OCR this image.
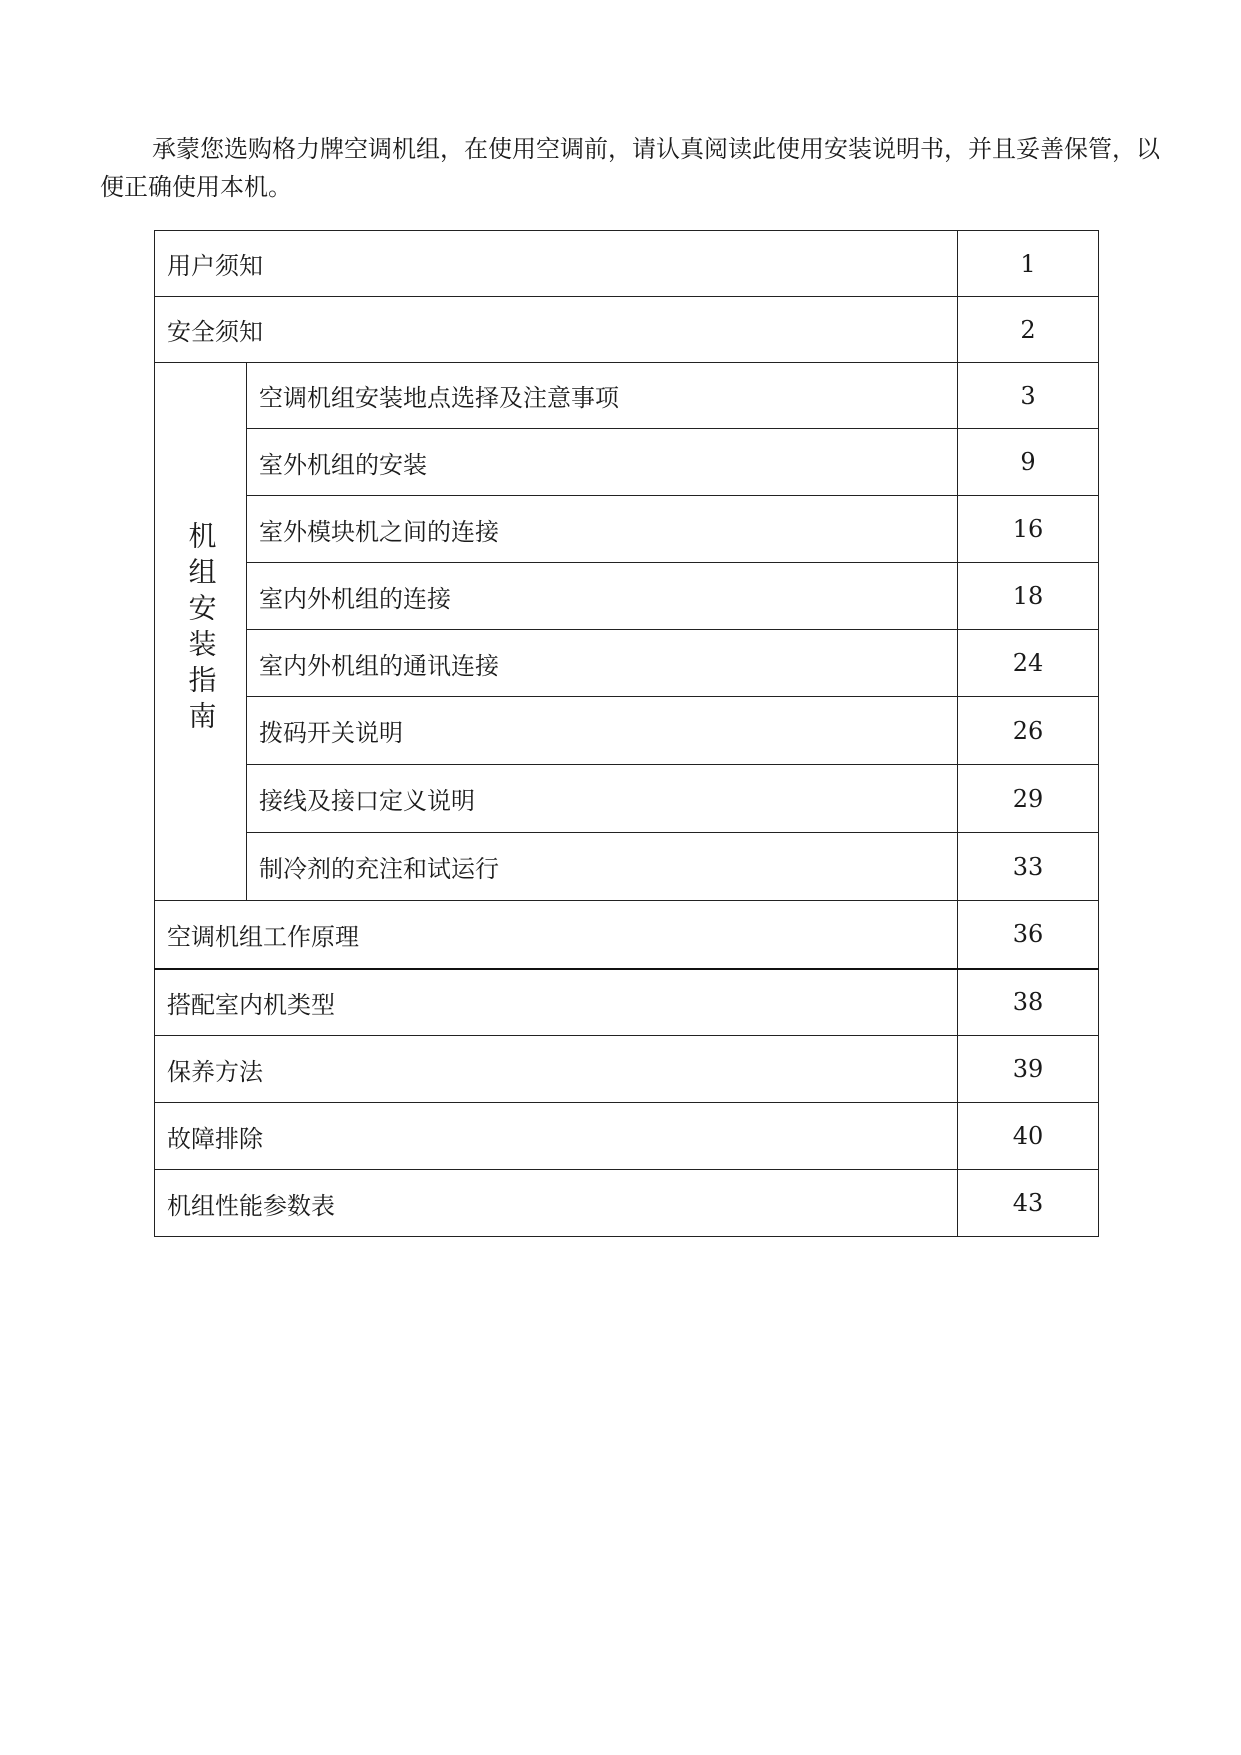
承蒙您选购格力牌空调机组，在使用空调前，请认真阅读此使用安装说明书，并且妥善保管，以便正确使用本机。

用户须知		1
安全须知		2
机组安装指南	空调机组安装地点选择及注意事项	3
	室外机组的安装	9
	室外模块机之间的连接	16
	室内外机组的连接	18
	室内外机组的通讯连接	24
	拨码开关说明	26
	接线及接口定义说明	29
	制冷剂的充注和试运行	33
空调机组工作原理		36
搭配室内机类型		38
保养方法		39
故障排除		40
机组性能参数表		43
